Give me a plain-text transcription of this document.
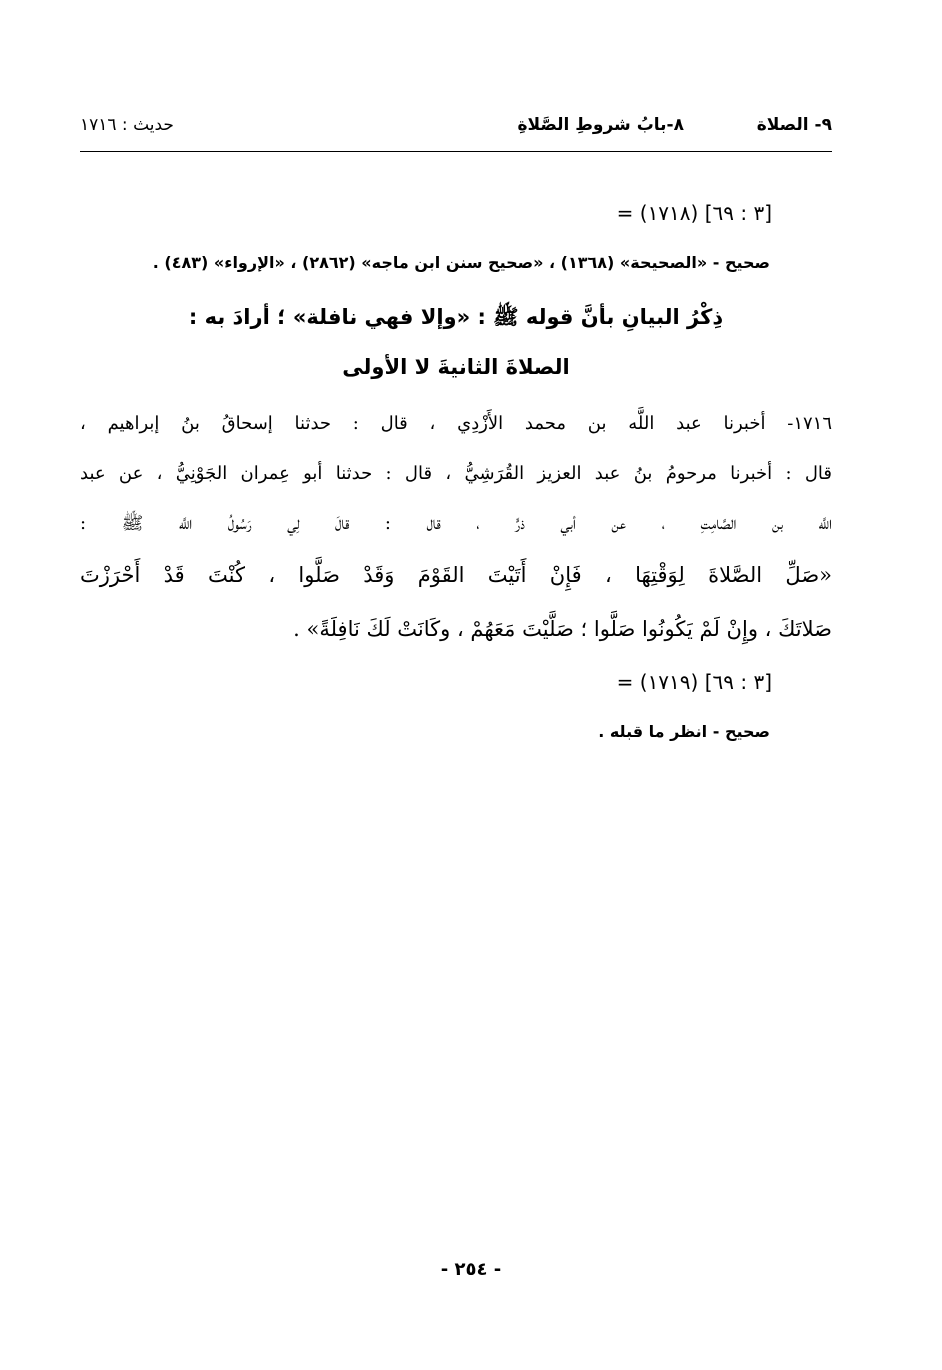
٩- الصلاة
٨-بابُ شروطِ الصَّلاةِ
حديث : ١٧١٦
= (١٧١٨) [٣ : ٦٩]
صحيح - «الصحيحة» (١٣٦٨) ، «صحيح سنن ابن ماجه» (٢٨٦٢) ، «الإرواء» (٤٨٣) .
ذِكْرُ البيانِ بأنَّ قوله ﷺ : «وإلا فهي نافلة» ؛ أرادَ به :
الصلاةَ الثانيةَ لا الأولى
١٧١٦- أخبرنا عبد اللَّه بن محمد الأَزْدِي ، قال : حدثنا إسحاقُ بنُ إبراهيم ،
قال : أخبرنا مرحومُ بنُ عبد العزيز القُرَشِيُّ ، قال : حدثنا أبو عِمران الجَوْنِيُّ ، عن عبد
اللَّه بن الصَّامِتِ ، عن أبي ذرٍّ ، قال : قالَ لِي رَسُولُ اللَّه ﷺ :
«صَلِّ الصَّلاةَ لِوَقْتِهَا ، فَإِنْ أَتَيْتَ القَوْمَ وَقَدْ صَلَّوا ، كُنْتَ قَدْ أَحْرَزْتَ
صَلاتَكَ ، وإِنْ لَمْ يَكُونُوا صَلَّوا ؛ صَلَّيْتَ مَعَهُمْ ، وكَانَتْ لَكَ نَافِلَةً» .
= (١٧١٩) [٣ : ٦٩]
صحيح - انظر ما قبله .
- ٢٥٤ -
